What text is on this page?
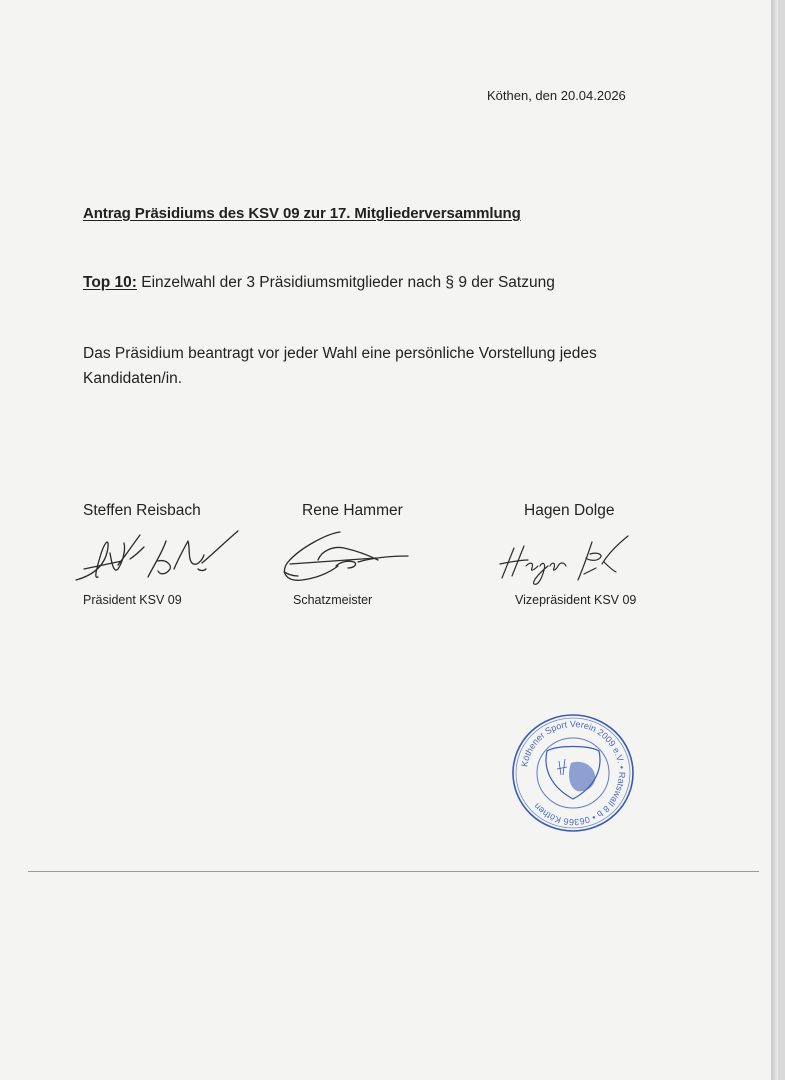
Köthen, den 20.04.2026
Antrag Präsidiums des KSV 09 zur 17. Mitgliederversammlung
Top 10: Einzelwahl der 3 Präsidiumsmitglieder nach § 9 der Satzung
Das Präsidium beantragt vor jeder Wahl eine persönliche Vorstellung jedes Kandidaten/in.
Steffen Reisbach
Präsident KSV 09
Rene Hammer
Schatzmeister
Hagen Dolge
Vizepräsident KSV 09
Köthener Sport Verein 2009 e.V. • Ratswall 8 b • 06366 Köthen
